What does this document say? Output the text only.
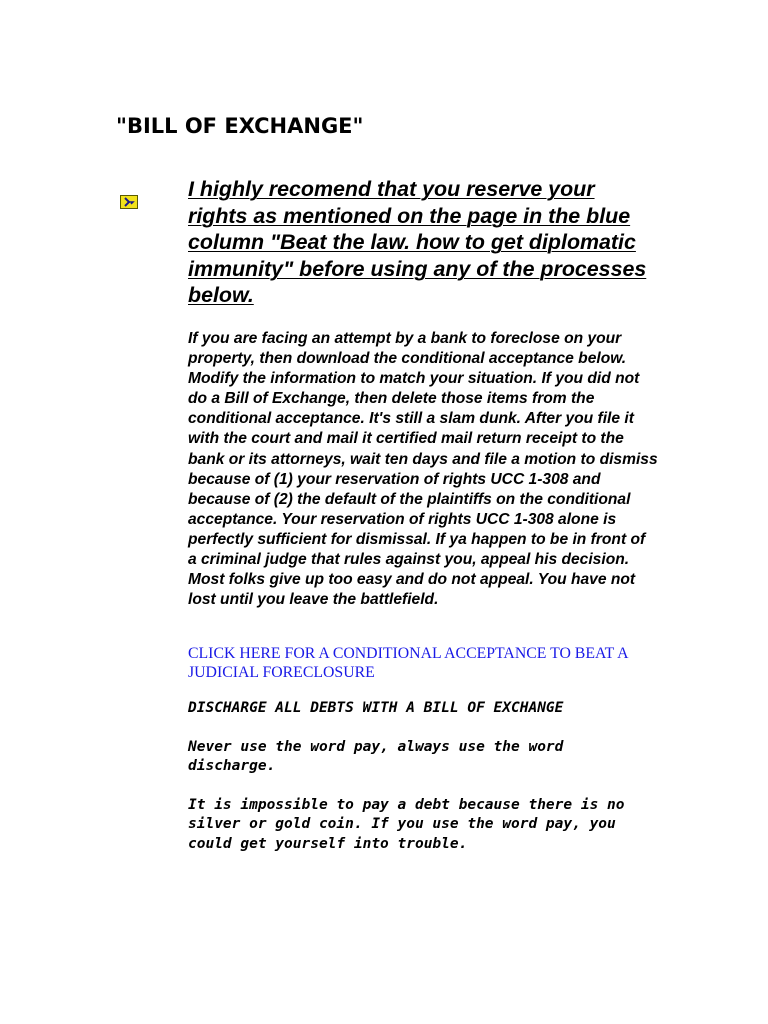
"BILL OF EXCHANGE"

I highly recomend that you reserve your rights as mentioned on the page in the blue column "Beat the law. how to get diplomatic immunity" before using any of the processes below.

If you are facing an attempt by a bank to foreclose on your property, then download the conditional acceptance below. Modify the information to match your situation. If you did not do a Bill of Exchange, then delete those items from the conditional acceptance. It's still a slam dunk. After you file it with the court and mail it certified mail return receipt to the bank or its attorneys, wait ten days and file a motion to dismiss because of (1) your reservation of rights UCC 1-308 and because of (2) the default of the plaintiffs on the conditional acceptance. Your reservation of rights UCC 1-308 alone is perfectly sufficient for dismissal. If ya happen to be in front of a criminal judge that rules against you, appeal his decision. Most folks give up too easy and do not appeal. You have not lost until you leave the battlefield.

CLICK HERE FOR A CONDITIONAL ACCEPTANCE TO BEAT A JUDICIAL FORECLOSURE

DISCHARGE ALL DEBTS WITH A BILL OF EXCHANGE

Never use the word pay, always use the word discharge.

It is impossible to pay a debt because there is no silver or gold coin. If you use the word pay, you could get yourself into trouble.
